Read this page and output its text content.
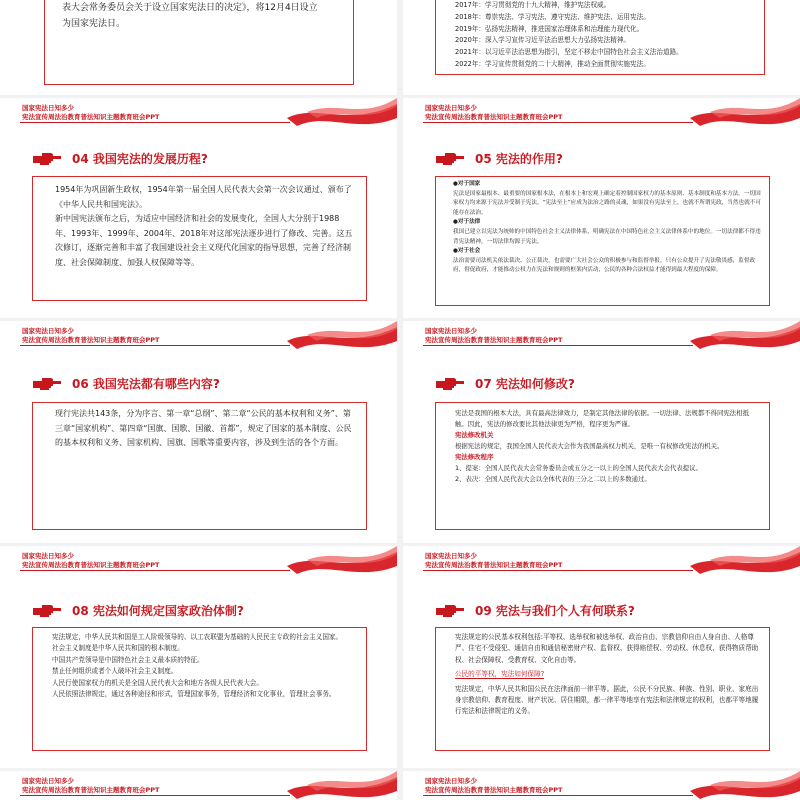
表大会常务委员会关于设立国家宪法日的决定》，将12月4日设立
为国家宪法日。
2017年：学习贯彻党的十九大精神，维护宪法权威。
2018年：尊崇宪法、学习宪法、遵守宪法、维护宪法、运用宪法。
2019年：弘扬宪法精神，推进国家治理体系和治理能力现代化。
2020年：深入学习宣传习近平法治思想大力弘扬宪法精神。
2021年：以习近平法治思想为指引，坚定不移走中国特色社会主义法治道路。
2022年：学习宣传贯彻党的二十大精神，推动全面贯彻实施宪法。
国家宪法日知多少
宪法宣传周法治教育普法知识主题教育班会PPT
04 我国宪法的发展历程?
1954年为巩固新生政权，1954年第一届全国人民代表大会第一次会议通过、颁布了《中华人民共和国宪法》。
新中国宪法颁布之后，为适应中国经济和社会的发展变化，全国人大分别于1988年、1993年、1999年、2004年、2018年对这部宪法逐步进行了修改、完善。这五次修订，逐渐完善和丰富了我国建设社会主义现代化国家的指导思想，完善了经济制度、社会保障制度、加强人权保障等等。
国家宪法日知多少
宪法宣传周法治教育普法知识主题教育班会PPT
05 宪法的作用?
●对于国家
宪法是国家最根本、最重要的国家根本法，在根本上和宏观上确定着控制国家权力的基本原则、基本制度和基本方法。一切国家权力均来源于宪法并受制于宪法。“宪法至上”应成为法治之路的灵魂，如果没有宪法至上，也就不所谓宪政，当然也就不可能存在法治。
●对于法律
我国已建立以宪法为统帅的中国特色社会主义法律体系，明确宪法在中国特色社会主义法律体系中的地位。一切法律都不得违背宪法精神，一切法律均源于宪法。
●对于社会
法治需要司法机关依法裁决、公正裁决，也需要广大社会公众的积极参与和监督举报。只有公众提升了宪法敬畏感，监督政府，督促政府，才能推动公权力在宪法和规则的框架内活动，公民的各种合法权益才能得到最大程度的保障。
国家宪法日知多少
宪法宣传周法治教育普法知识主题教育班会PPT
06 我国宪法都有哪些内容?
现行宪法共143条，分为序言、第一章“总纲”、第二章“公民的基本权利和义务”、第三章“国家机构”、第四章“国旗、国歌、国徽、首都”，规定了国家的基本制度、公民的基本权利和义务、国家机构、国旗、国歌等重要内容，涉及到生活的各个方面。
国家宪法日知多少
宪法宣传周法治教育普法知识主题教育班会PPT
07 宪法如何修改?
宪法是我国的根本大法，具有最高法律效力，是制定其他法律的依据。一切法律、法规都不得同宪法相抵触。因此，宪法的修改要比其他法律更为严格，程序更为严谨。
宪法修改机关
根据宪法的规定，我国全国人民代表大会作为我国最高权力机关，是唯一有权修改宪法的机关。
宪法修改程序
1、提案：全国人民代表大会常务委员会或五分之一以上的全国人民代表大会代表提议。
2、表决：全国人民代表大会以全体代表的三分之二以上的多数通过。
国家宪法日知多少
宪法宣传周法治教育普法知识主题教育班会PPT
08 宪法如何规定国家政治体制?
宪法规定，中华人民共和国是工人阶级领导的、以工农联盟为基础的人民民主专政的社会主义国家。
社会主义制度是中华人民共和国的根本制度。
中国共产党领导是中国特色社会主义最本质的特征。
禁止任何组织或者个人破坏社会主义制度。
人民行使国家权力的机关是全国人民代表大会和地方各级人民代表大会。
人民依照法律规定，通过各种途径和形式，管理国家事务，管理经济和文化事业，管理社会事务。
国家宪法日知多少
宪法宣传周法治教育普法知识主题教育班会PPT
09 宪法与我们个人有何联系?
宪法规定的公民基本权利包括:平等权、选举权和被选举权、政治自由、宗教信仰自由人身自由、人格尊严、住宅不受侵犯、通信自由和通信秘密财产权、监督权、获得赔偿权、劳动权、休息权、获得物质帮助权、社会保障权、受教育权、文化自由等。
公民的平等权，宪法如何保障?
宪法规定，中华人民共和国公民在法律面前一律平等。据此，公民不分民族、种族、性别、职业、家庭出身宗教信仰、教育程度、财产状况、居住期限，都一律平等地享有宪法和法律规定的权利，也都平等地履行宪法和法律规定的义务。
国家宪法日知多少
宪法宣传周法治教育普法知识主题教育班会PPT
国家宪法日知多少
宪法宣传周法治教育普法知识主题教育班会PPT
